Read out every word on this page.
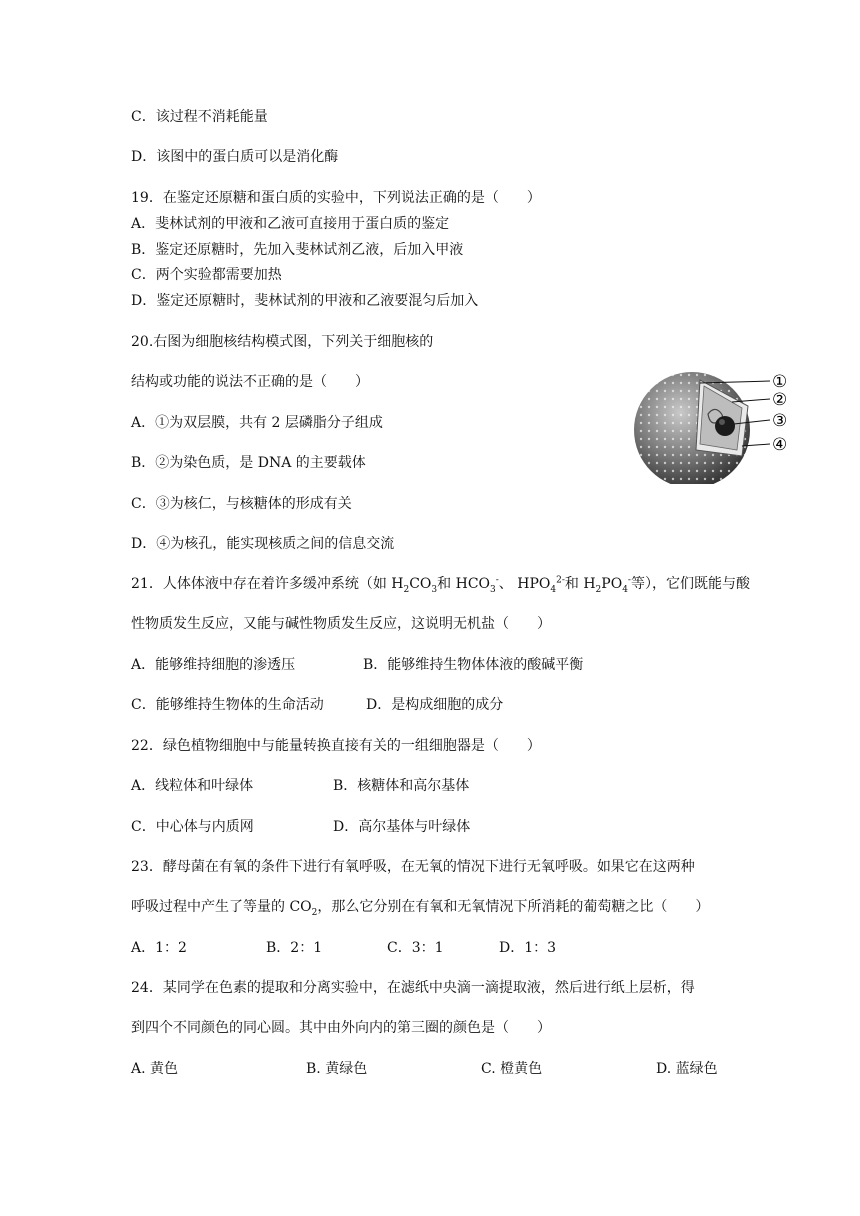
C．该过程不消耗能量
D．该图中的蛋白质可以是消化酶
19．在鉴定还原糖和蛋白质的实验中，下列说法正确的是（　　）
A．斐林试剂的甲液和乙液可直接用于蛋白质的鉴定
B．鉴定还原糖时，先加入斐林试剂乙液，后加入甲液
C．两个实验都需要加热
D．鉴定还原糖时，斐林试剂的甲液和乙液要混匀后加入
20.右图为细胞核结构模式图，下列关于细胞核的
结构或功能的说法不正确的是（　　）
A．①为双层膜，共有 2 层磷脂分子组成
B．②为染色质，是 DNA 的主要载体
C．③为核仁，与核糖体的形成有关
D．④为核孔，能实现核质之间的信息交流
①
②
③
④
21．人体体液中存在着许多缓冲系统（如 $H_2CO_3$和 $HCO_3^-$、 $HPO_4^{2-}$和 $H_2PO_4^-$等），它们既能与酸
性物质发生反应，又能与碱性物质发生反应，这说明无机盐（　　）
A．能够维持细胞的渗透压	B．能够维持生物体体液的酸碱平衡
C．能够维持生物体的生命活动	D．是构成细胞的成分
22．绿色植物细胞中与能量转换直接有关的一组细胞器是（　　）
A．线粒体和叶绿体	B．核糖体和高尔基体
C．中心体与内质网	D．高尔基体与叶绿体
23．酵母菌在有氧的条件下进行有氧呼吸，在无氧的情况下进行无氧呼吸。如果它在这两种
呼吸过程中产生了等量的 $CO_2$，那么它分别在有氧和无氧情况下所消耗的葡萄糖之比（　　）
A．1：2	B．2：1	C．3：1	D．1：3
24．某同学在色素的提取和分离实验中，在滤纸中央滴一滴提取液，然后进行纸上层析，得
到四个不同颜色的同心圆。其中由外向内的第三圈的颜色是（　　）
A. 黄色	B. 黄绿色	C. 橙黄色	D. 蓝绿色
